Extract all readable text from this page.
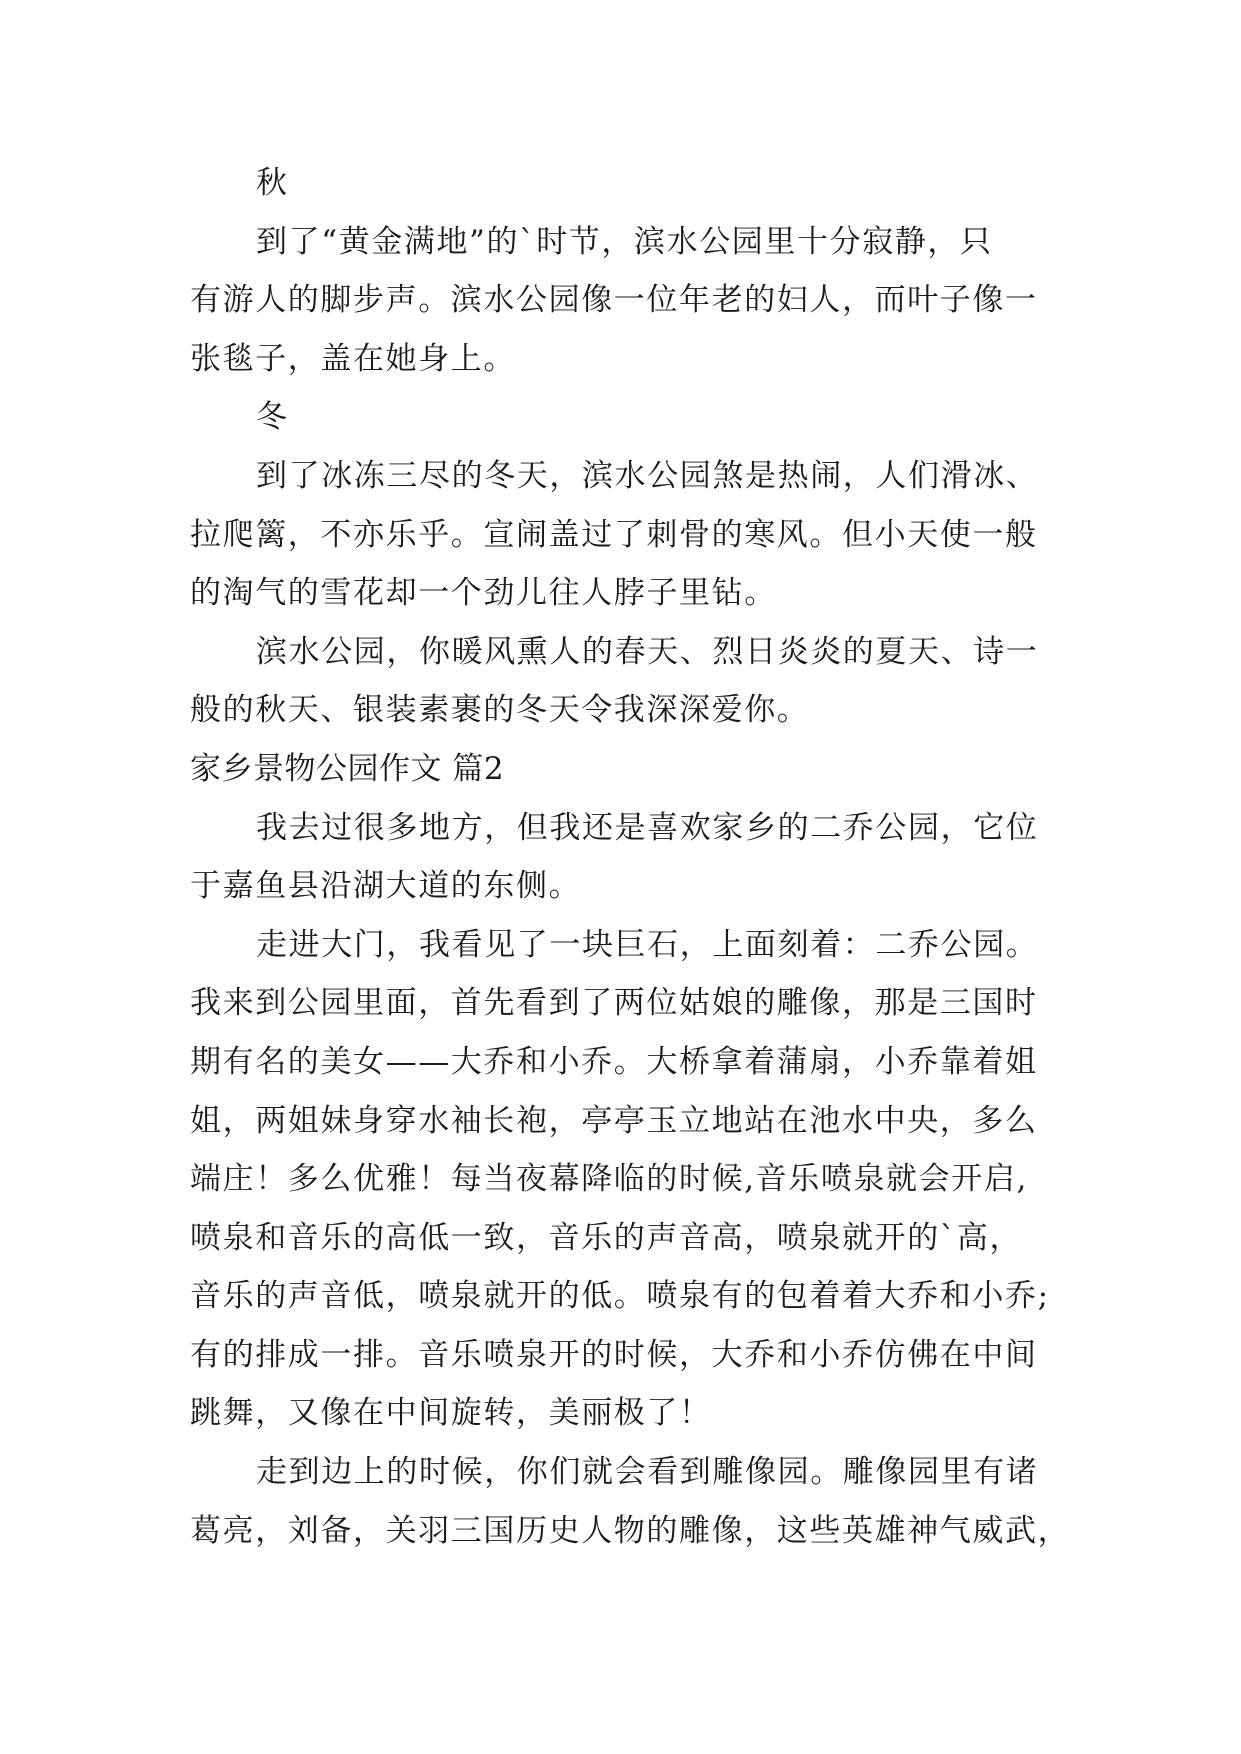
秋
到了“黄金满地”的`时节，滨水公园里十分寂静，只
有游人的脚步声。滨水公园像一位年老的妇人，而叶子像一
张毯子，盖在她身上。
冬
到了冰冻三尽的冬天，滨水公园煞是热闹，人们滑冰、
拉爬篱，不亦乐乎。宣闹盖过了刺骨的寒风。但小天使一般
的淘气的雪花却一个劲儿往人脖子里钻。
滨水公园，你暖风熏人的春天、烈日炎炎的夏天、诗一
般的秋天、银装素裹的冬天令我深深爱你。
家乡景物公园作文 篇2
我去过很多地方，但我还是喜欢家乡的二乔公园，它位
于嘉鱼县沿湖大道的东侧。
走进大门，我看见了一块巨石，上面刻着：二乔公园。
我来到公园里面，首先看到了两位姑娘的雕像，那是三国时
期有名的美女——大乔和小乔。大桥拿着蒲扇，小乔靠着姐
姐，两姐妹身穿水袖长袍，亭亭玉立地站在池水中央，多么
端庄！多么优雅！每当夜幕降临的时候,音乐喷泉就会开启,
喷泉和音乐的高低一致，音乐的声音高，喷泉就开的`高，
音乐的声音低，喷泉就开的低。喷泉有的包着着大乔和小乔;
有的排成一排。音乐喷泉开的时候，大乔和小乔仿佛在中间
跳舞，又像在中间旋转，美丽极了！
走到边上的时候，你们就会看到雕像园。雕像园里有诸
葛亮，刘备，关羽三国历史人物的雕像，这些英雄神气威武，
